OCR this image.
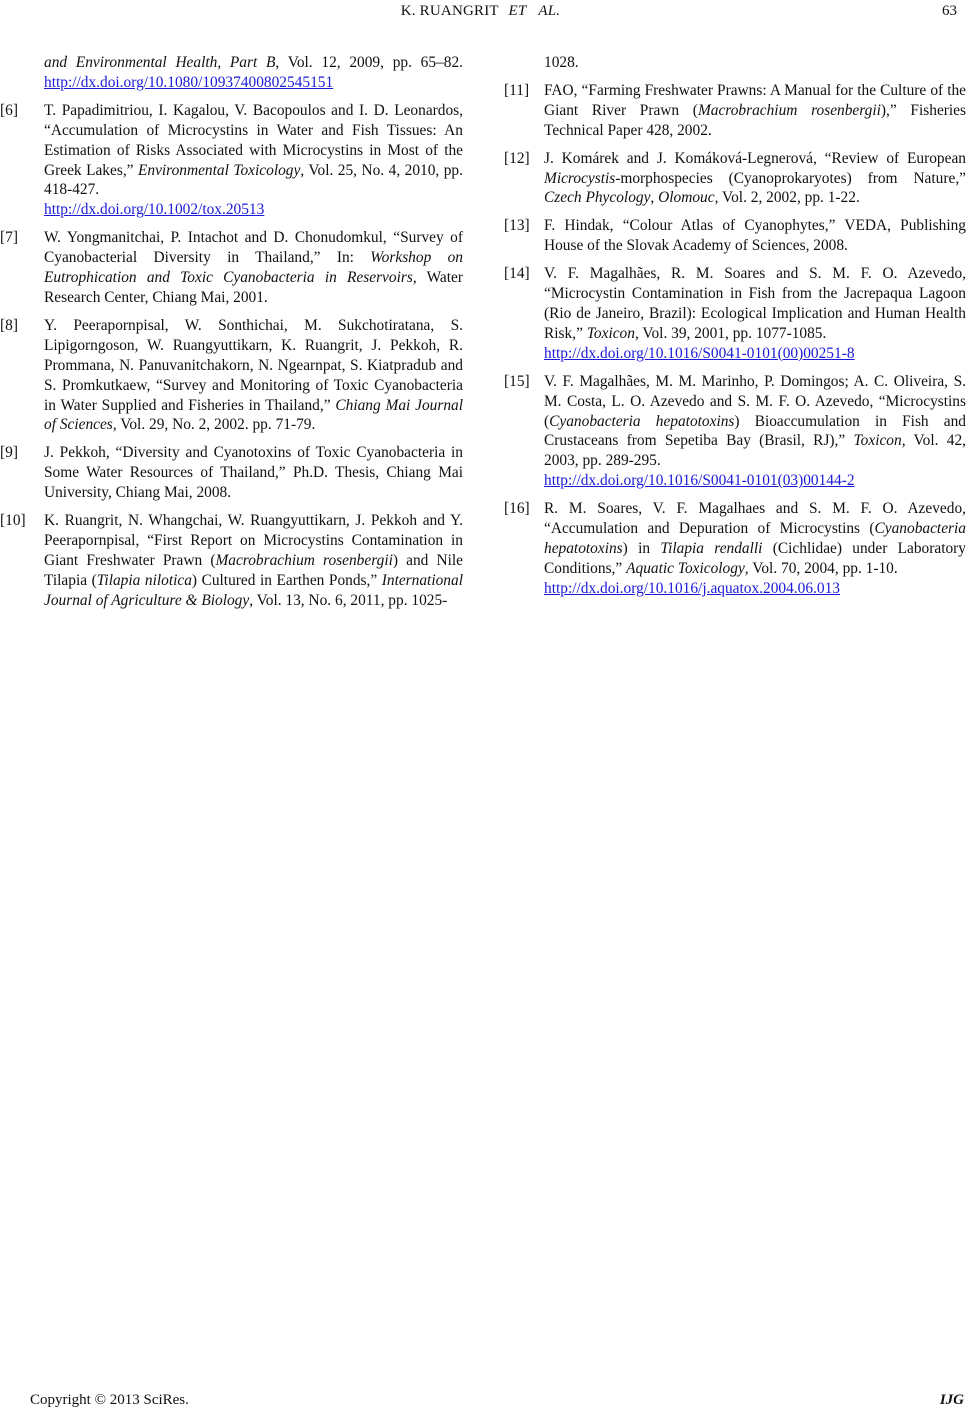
K. RUANGRIT ET AL.	63
and Environmental Health, Part B, Vol. 12, 2009, pp. 65–82. http://dx.doi.org/10.1080/10937400802545151
[6] T. Papadimitriou, I. Kagalou, V. Bacopoulos and I. D. Leonardos, “Accumulation of Microcystins in Water and Fish Tissues: An Estimation of Risks Associated with Microcystins in Most of the Greek Lakes,” Environmental Toxicology, Vol. 25, No. 4, 2010, pp. 418-427.
http://dx.doi.org/10.1002/tox.20513
[7] W. Yongmanitchai, P. Intachot and D. Chonudomkul, “Survey of Cyanobacterial Diversity in Thailand,” In: Workshop on Eutrophication and Toxic Cyanobacteria in Reservoirs, Water Research Center, Chiang Mai, 2001.
[8] Y. Peerapornpisal, W. Sonthichai, M. Sukchotiratana, S. Lipigorngoson, W. Ruangyuttikarn, K. Ruangrit, J. Pekkoh, R. Prommana, N. Panuvanitchakorn, N. Ngearnpat, S. Kiatpradub and S. Promkutkaew, “Survey and Monitoring of Toxic Cyanobacteria in Water Supplied and Fisheries in Thailand,” Chiang Mai Journal of Sciences, Vol. 29, No. 2, 2002. pp. 71-79.
[9] J. Pekkoh, “Diversity and Cyanotoxins of Toxic Cyanobacteria in Some Water Resources of Thailand,” Ph.D. Thesis, Chiang Mai University, Chiang Mai, 2008.
[10] K. Ruangrit, N. Whangchai, W. Ruangyuttikarn, J. Pekkoh and Y. Peerapornpisal, “First Report on Microcystins Contamination in Giant Freshwater Prawn (Macrobrachium rosenbergii) and Nile Tilapia (Tilapia nilotica) Cultured in Earthen Ponds,” International Journal of Agriculture & Biology, Vol. 13, No. 6, 2011, pp. 1025-
1028.
[11] FAO, “Farming Freshwater Prawns: A Manual for the Culture of the Giant River Prawn (Macrobrachium rosenbergii),” Fisheries Technical Paper 428, 2002.
[12] J. Komárek and J. Komáková-Legnerová, “Review of European Microcystis-morphospecies (Cyanoprokaryotes) from Nature,” Czech Phycology, Olomouc, Vol. 2, 2002, pp. 1-22.
[13] F. Hindak, “Colour Atlas of Cyanophytes,” VEDA, Publishing House of the Slovak Academy of Sciences, 2008.
[14] V. F. Magalhães, R. M. Soares and S. M. F. O. Azevedo, “Microcystin Contamination in Fish from the Jacrepaqua Lagoon (Rio de Janeiro, Brazil): Ecological Implication and Human Health Risk,” Toxicon, Vol. 39, 2001, pp. 1077-1085.
http://dx.doi.org/10.1016/S0041-0101(00)00251-8
[15] V. F. Magalhães, M. M. Marinho, P. Domingos; A. C. Oliveira, S. M. Costa, L. O. Azevedo and S. M. F. O. Azevedo, “Microcystins (Cyanobacteria hepatotoxins) Bioaccumulation in Fish and Crustaceans from Sepetiba Bay (Brasil, RJ),” Toxicon, Vol. 42, 2003, pp. 289-295.
http://dx.doi.org/10.1016/S0041-0101(03)00144-2
[16] R. M. Soares, V. F. Magalhaes and S. M. F. O. Azevedo, “Accumulation and Depuration of Microcystins (Cyanobacteria hepatotoxins) in Tilapia rendalli (Cichlidae) under Laboratory Conditions,” Aquatic Toxicology, Vol. 70, 2004, pp. 1-10.
http://dx.doi.org/10.1016/j.aquatox.2004.06.013
Copyright © 2013 SciRes.	IJG
